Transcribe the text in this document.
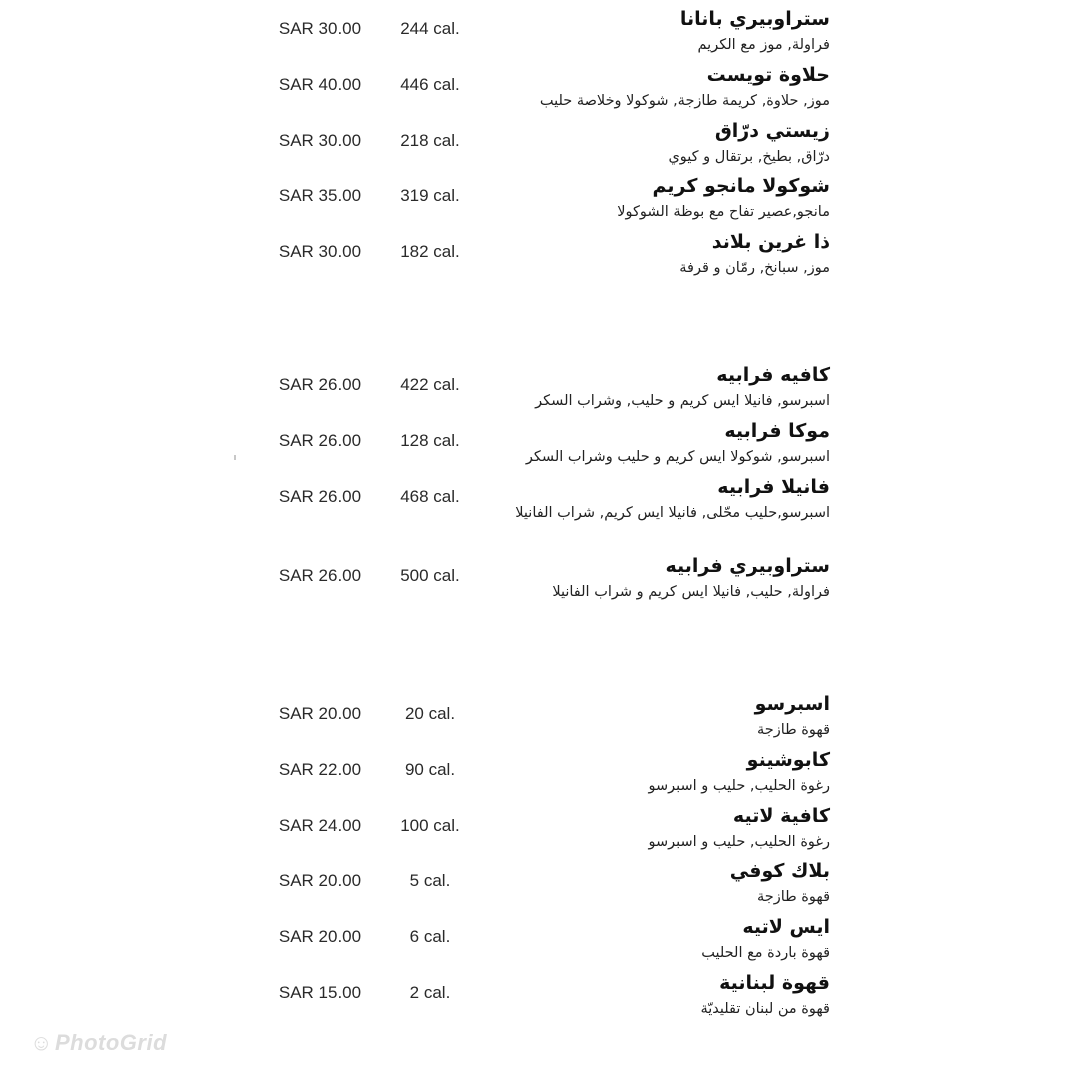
ستراوبيري بانانا
فراولة, موز مع الكريم
244 cal.
SAR 30.00
حلاوة تويست
موز, حلاوة, كريمة طازجة, شوكولا وخلاصة حليب
446 cal.
SAR 40.00
زيستي درّاق
درّاق, بطيخ, برتقال و كيوي
218 cal.
SAR 30.00
شوكولا مانجو كريم
مانجو,عصير تفاح مع بوظة الشوكولا
319 cal.
SAR 35.00
ذا غرين بلاند
موز, سبانخ, رمّان و قرفة
182 cal.
SAR 30.00
كافيه فرابيه
اسبرسو, فانيلا ايس كريم و حليب, وشراب السكر
422 cal.
SAR 26.00
موكا فرابيه
اسبرسو, شوكولا ايس كريم و حليب وشراب السكر
128 cal.
SAR 26.00
فانيلا فرابيه
اسبرسو,حليب محّلى, فانيلا ايس كريم, شراب الفانيلا
468 cal.
SAR 26.00
ستراوبيري فرابيه
فراولة, حليب, فانيلا ايس كريم و شراب الفانيلا
500 cal.
SAR 26.00
اسبرسو
قهوة طازجة
20 cal.
SAR 20.00
كابوشينو
رغوة الحليب, حليب و اسبرسو
90 cal.
SAR 22.00
كافية لاتيه
رغوة الحليب, حليب و اسبرسو
100 cal.
SAR 24.00
بلاك كوفي
قهوة طازجة
5 cal.
SAR 20.00
ايس لاتيه
قهوة باردة مع الحليب
6 cal.
SAR 20.00
قهوة لبنانية
قهوة من لبنان تقليديّة
2 cal.
SAR 15.00
☺PhotoGrid
